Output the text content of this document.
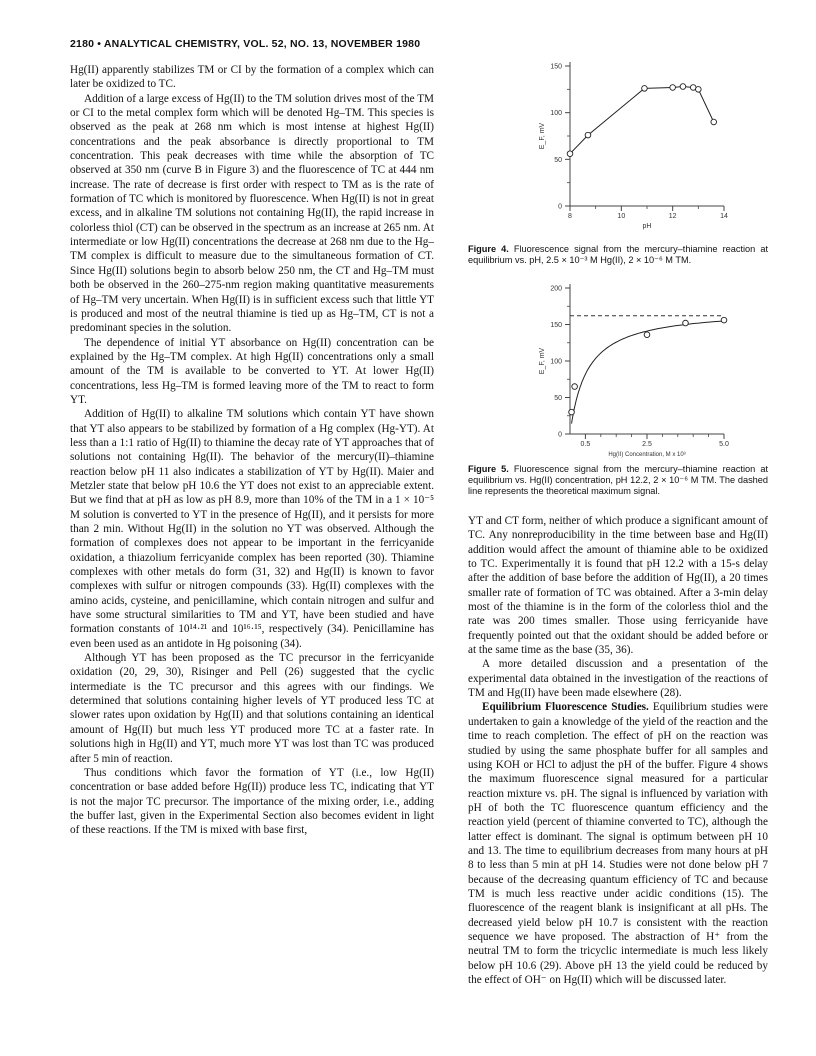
2180 • ANALYTICAL CHEMISTRY, VOL. 52, NO. 13, NOVEMBER 1980

Hg(II) apparently stabilizes TM or CI by the formation of a complex which can later be oxidized to TC.

Addition of a large excess of Hg(II) to the TM solution drives most of the TM or CI to the metal complex form which will be denoted Hg–TM. This species is observed as the peak at 268 nm which is most intense at highest Hg(II) concentrations and the peak absorbance is directly proportional to TM concentration. This peak decreases with time while the absorption of TC observed at 350 nm (curve B in Figure 3) and the fluorescence of TC at 444 nm increase. The rate of decrease is first order with respect to TM as is the rate of formation of TC which is monitored by fluorescence. When Hg(II) is not in great excess, and in alkaline TM solutions not containing Hg(II), the rapid increase in colorless thiol (CT) can be observed in the spectrum as an increase at 265 nm. At intermediate or low Hg(II) concentrations the decrease at 268 nm due to the Hg–TM complex is difficult to measure due to the simultaneous formation of CT. Since Hg(II) solutions begin to absorb below 250 nm, the CT and Hg–TM must both be observed in the 260–275-nm region making quantitative measurements of Hg–TM very uncertain. When Hg(II) is in sufficient excess such that little YT is produced and most of the neutral thiamine is tied up as Hg–TM, CT is not a predominant species in the solution.

The dependence of initial YT absorbance on Hg(II) concentration can be explained by the Hg–TM complex. At high Hg(II) concentrations only a small amount of the TM is available to be converted to YT. At lower Hg(II) concentrations, less Hg–TM is formed leaving more of the TM to react to form YT.

Addition of Hg(II) to alkaline TM solutions which contain YT have shown that YT also appears to be stabilized by formation of a Hg complex (Hg-YT). At less than a 1:1 ratio of Hg(II) to thiamine the decay rate of YT approaches that of solutions not containing Hg(II). The behavior of the mercury(II)–thiamine reaction below pH 11 also indicates a stabilization of YT by Hg(II). Maier and Metzler state that below pH 10.6 the YT does not exist to an appreciable extent. But we find that at pH as low as pH 8.9, more than 10% of the TM in a 1 × 10⁻⁵ M solution is converted to YT in the presence of Hg(II), and it persists for more than 2 min. Without Hg(II) in the solution no YT was observed. Although the formation of complexes does not appear to be important in the ferricyanide oxidation, a thiazolium ferricyanide complex has been reported (30). Thiamine complexes with other metals do form (31, 32) and Hg(II) is known to favor complexes with sulfur or nitrogen compounds (33). Hg(II) complexes with the amino acids, cysteine, and penicillamine, which contain nitrogen and sulfur and have some structural similarities to TM and YT, have been studied and have formation constants of 10¹⁴·²¹ and 10¹⁶·¹⁵, respectively (34). Penicillamine has even been used as an antidote in Hg poisoning (34).

Although YT has been proposed as the TC precursor in the ferricyanide oxidation (20, 29, 30), Risinger and Pell (26) suggested that the cyclic intermediate is the TC precursor and this agrees with our findings. We determined that solutions containing higher levels of YT produced less TC at slower rates upon oxidation by Hg(II) and that solutions containing an identical amount of Hg(II) but much less YT produced more TC at a faster rate. In solutions high in Hg(II) and YT, much more YT was lost than TC was produced after 5 min of reaction.

Thus conditions which favor the formation of YT (i.e., low Hg(II) concentration or base added before Hg(II)) produce less TC, indicating that YT is not the major TC precursor. The importance of the mixing order, i.e., adding the buffer last, given in the Experimental Section also becomes evident in light of these reactions. If the TM is mixed with base first,

0
50
100
150
8	10	12	14
E_F, mV
pH
Figure 4. Fluorescence signal from the mercury–thiamine reaction at equilibrium vs. pH, 2.5 × 10⁻³ M Hg(II), 2 × 10⁻⁶ M TM.
0
50
100
150
200
0.5	2.5	5.0
E_F, mV
Hg(II) Concentration, M x 10³
Figure 5. Fluorescence signal from the mercury–thiamine reaction at equilibrium vs. Hg(II) concentration, pH 12.2, 2 × 10⁻⁶ M TM. The dashed line represents the theoretical maximum signal.

YT and CT form, neither of which produce a significant amount of TC. Any nonreproducibility in the time between base and Hg(II) addition would affect the amount of thiamine able to be oxidized to TC. Experimentally it is found that pH 12.2 with a 15-s delay after the addition of base before the addition of Hg(II), a 20 times smaller rate of formation of TC was obtained. After a 3-min delay most of the thiamine is in the form of the colorless thiol and the rate was 200 times smaller. Those using ferricyanide have frequently pointed out that the oxidant should be added before or at the same time as the base (35, 36).

A more detailed discussion and a presentation of the experimental data obtained in the investigation of the reactions of TM and Hg(II) have been made elsewhere (28).

Equilibrium Fluorescence Studies. Equilibrium studies were undertaken to gain a knowledge of the yield of the reaction and the time to reach completion. The effect of pH on the reaction was studied by using the same phosphate buffer for all samples and using KOH or HCl to adjust the pH of the buffer. Figure 4 shows the maximum fluorescence signal measured for a particular reaction mixture vs. pH. The signal is influenced by variation with pH of both the TC fluorescence quantum efficiency and the reaction yield (percent of thiamine converted to TC), although the latter effect is dominant. The signal is optimum between pH 10 and 13. The time to equilibrium decreases from many hours at pH 8 to less than 5 min at pH 14. Studies were not done below pH 7 because of the decreasing quantum efficiency of TC and because TM is much less reactive under acidic conditions (15). The fluorescence of the reagent blank is insignificant at all pHs. The decreased yield below pH 10.7 is consistent with the reaction sequence we have proposed. The abstraction of H⁺ from the neutral TM to form the tricyclic intermediate is much less likely below pH 10.6 (29). Above pH 13 the yield could be reduced by the effect of OH⁻ on Hg(II) which will be discussed later.
